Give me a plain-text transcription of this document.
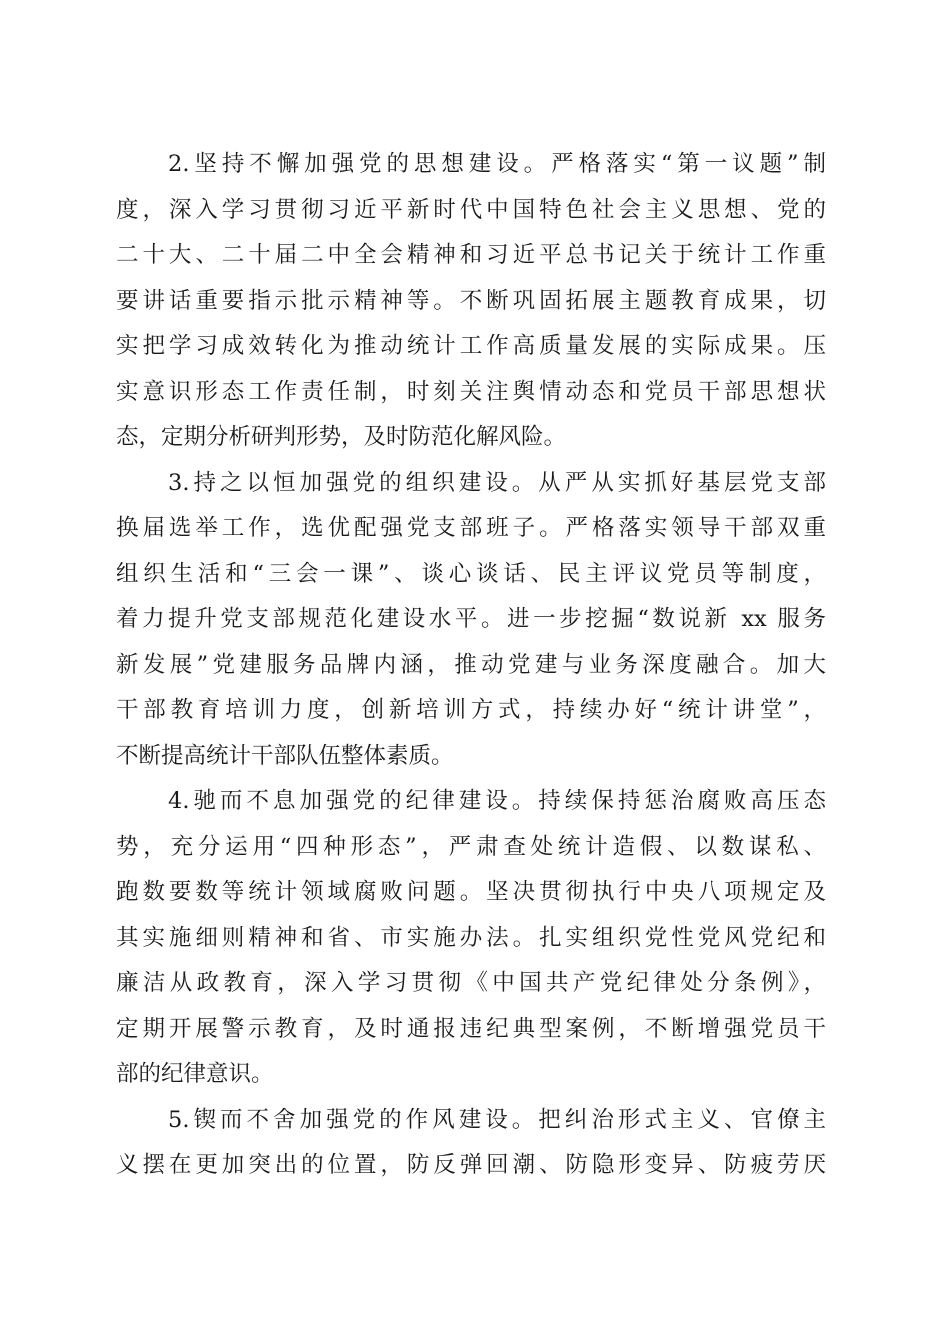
2.坚持不懈加强党的思想建设。严格落实“第一议题”制
度，深入学习贯彻习近平新时代中国特色社会主义思想、党的
二十大、二十届二中全会精神和习近平总书记关于统计工作重
要讲话重要指示批示精神等。不断巩固拓展主题教育成果，切
实把学习成效转化为推动统计工作高质量发展的实际成果。压
实意识形态工作责任制，时刻关注舆情动态和党员干部思想状
态，定期分析研判形势，及时防范化解风险。
3.持之以恒加强党的组织建设。从严从实抓好基层党支部
换届选举工作，选优配强党支部班子。严格落实领导干部双重
组织生活和“三会一课”、谈心谈话、民主评议党员等制度，
着力提升党支部规范化建设水平。进一步挖掘“数说新 xx 服务
新发展”党建服务品牌内涵，推动党建与业务深度融合。加大
干部教育培训力度，创新培训方式，持续办好“统计讲堂”，
不断提高统计干部队伍整体素质。
4.驰而不息加强党的纪律建设。持续保持惩治腐败高压态
势，充分运用“四种形态”，严肃查处统计造假、以数谋私、
跑数要数等统计领域腐败问题。坚决贯彻执行中央八项规定及
其实施细则精神和省、市实施办法。扎实组织党性党风党纪和
廉洁从政教育，深入学习贯彻《中国共产党纪律处分条例》，
定期开展警示教育，及时通报违纪典型案例，不断增强党员干
部的纪律意识。
5.锲而不舍加强党的作风建设。把纠治形式主义、官僚主
义摆在更加突出的位置，防反弹回潮、防隐形变异、防疲劳厌
